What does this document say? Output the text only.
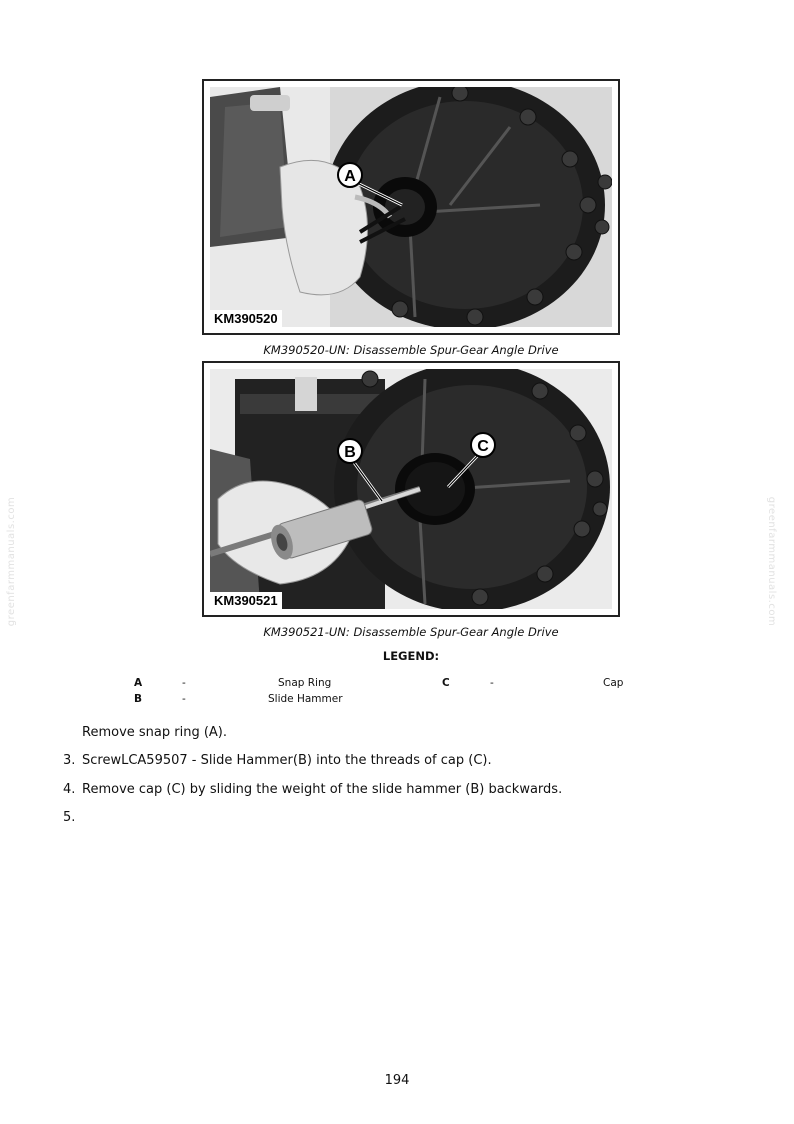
greenfarmmanuals.com	greenfarmmanuals.com
A
KM390520
KM390520-UN: Disassemble Spur-Gear Angle Drive
B	C
KM390521
KM390521-UN: Disassemble Spur-Gear Angle Drive
LEGEND:
A	-	Snap Ring	C	-	Cap
B	-	Slide Hammer
Remove snap ring (A).
3. ScrewLCA59507 - Slide Hammer(B) into the threads of cap (C).
4. Remove cap (C) by sliding the weight of the slide hammer (B) backwards.
5.
194
